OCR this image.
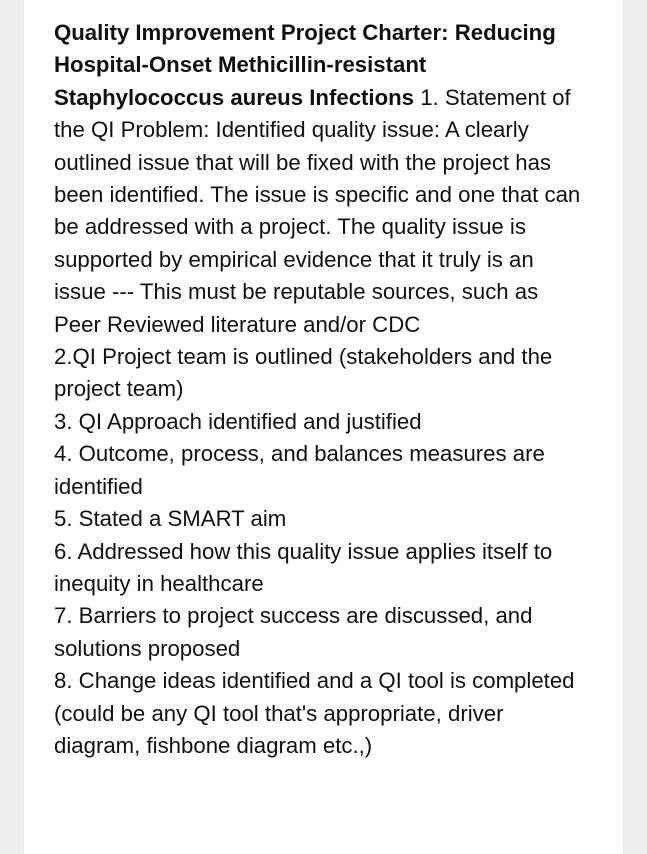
Quality Improvement Project Charter: Reducing Hospital-Onset Methicillin-resistant Staphylococcus aureus Infections 1. Statement of the QI Problem: Identified quality issue: A clearly outlined issue that will be fixed with the project has been identified. The issue is specific and one that can be addressed with a project. The quality issue is supported by empirical evidence that it truly is an issue --- This must be reputable sources, such as Peer Reviewed literature and/or CDC
2.QI Project team is outlined (stakeholders and the project team)
3. QI Approach identified and justified
4. Outcome, process, and balances measures are identified
5. Stated a SMART aim
6. Addressed how this quality issue applies itself to inequity in healthcare
7. Barriers to project success are discussed, and solutions proposed
8. Change ideas identified and a QI tool is completed (could be any QI tool that's appropriate, driver diagram, fishbone diagram etc.,)
